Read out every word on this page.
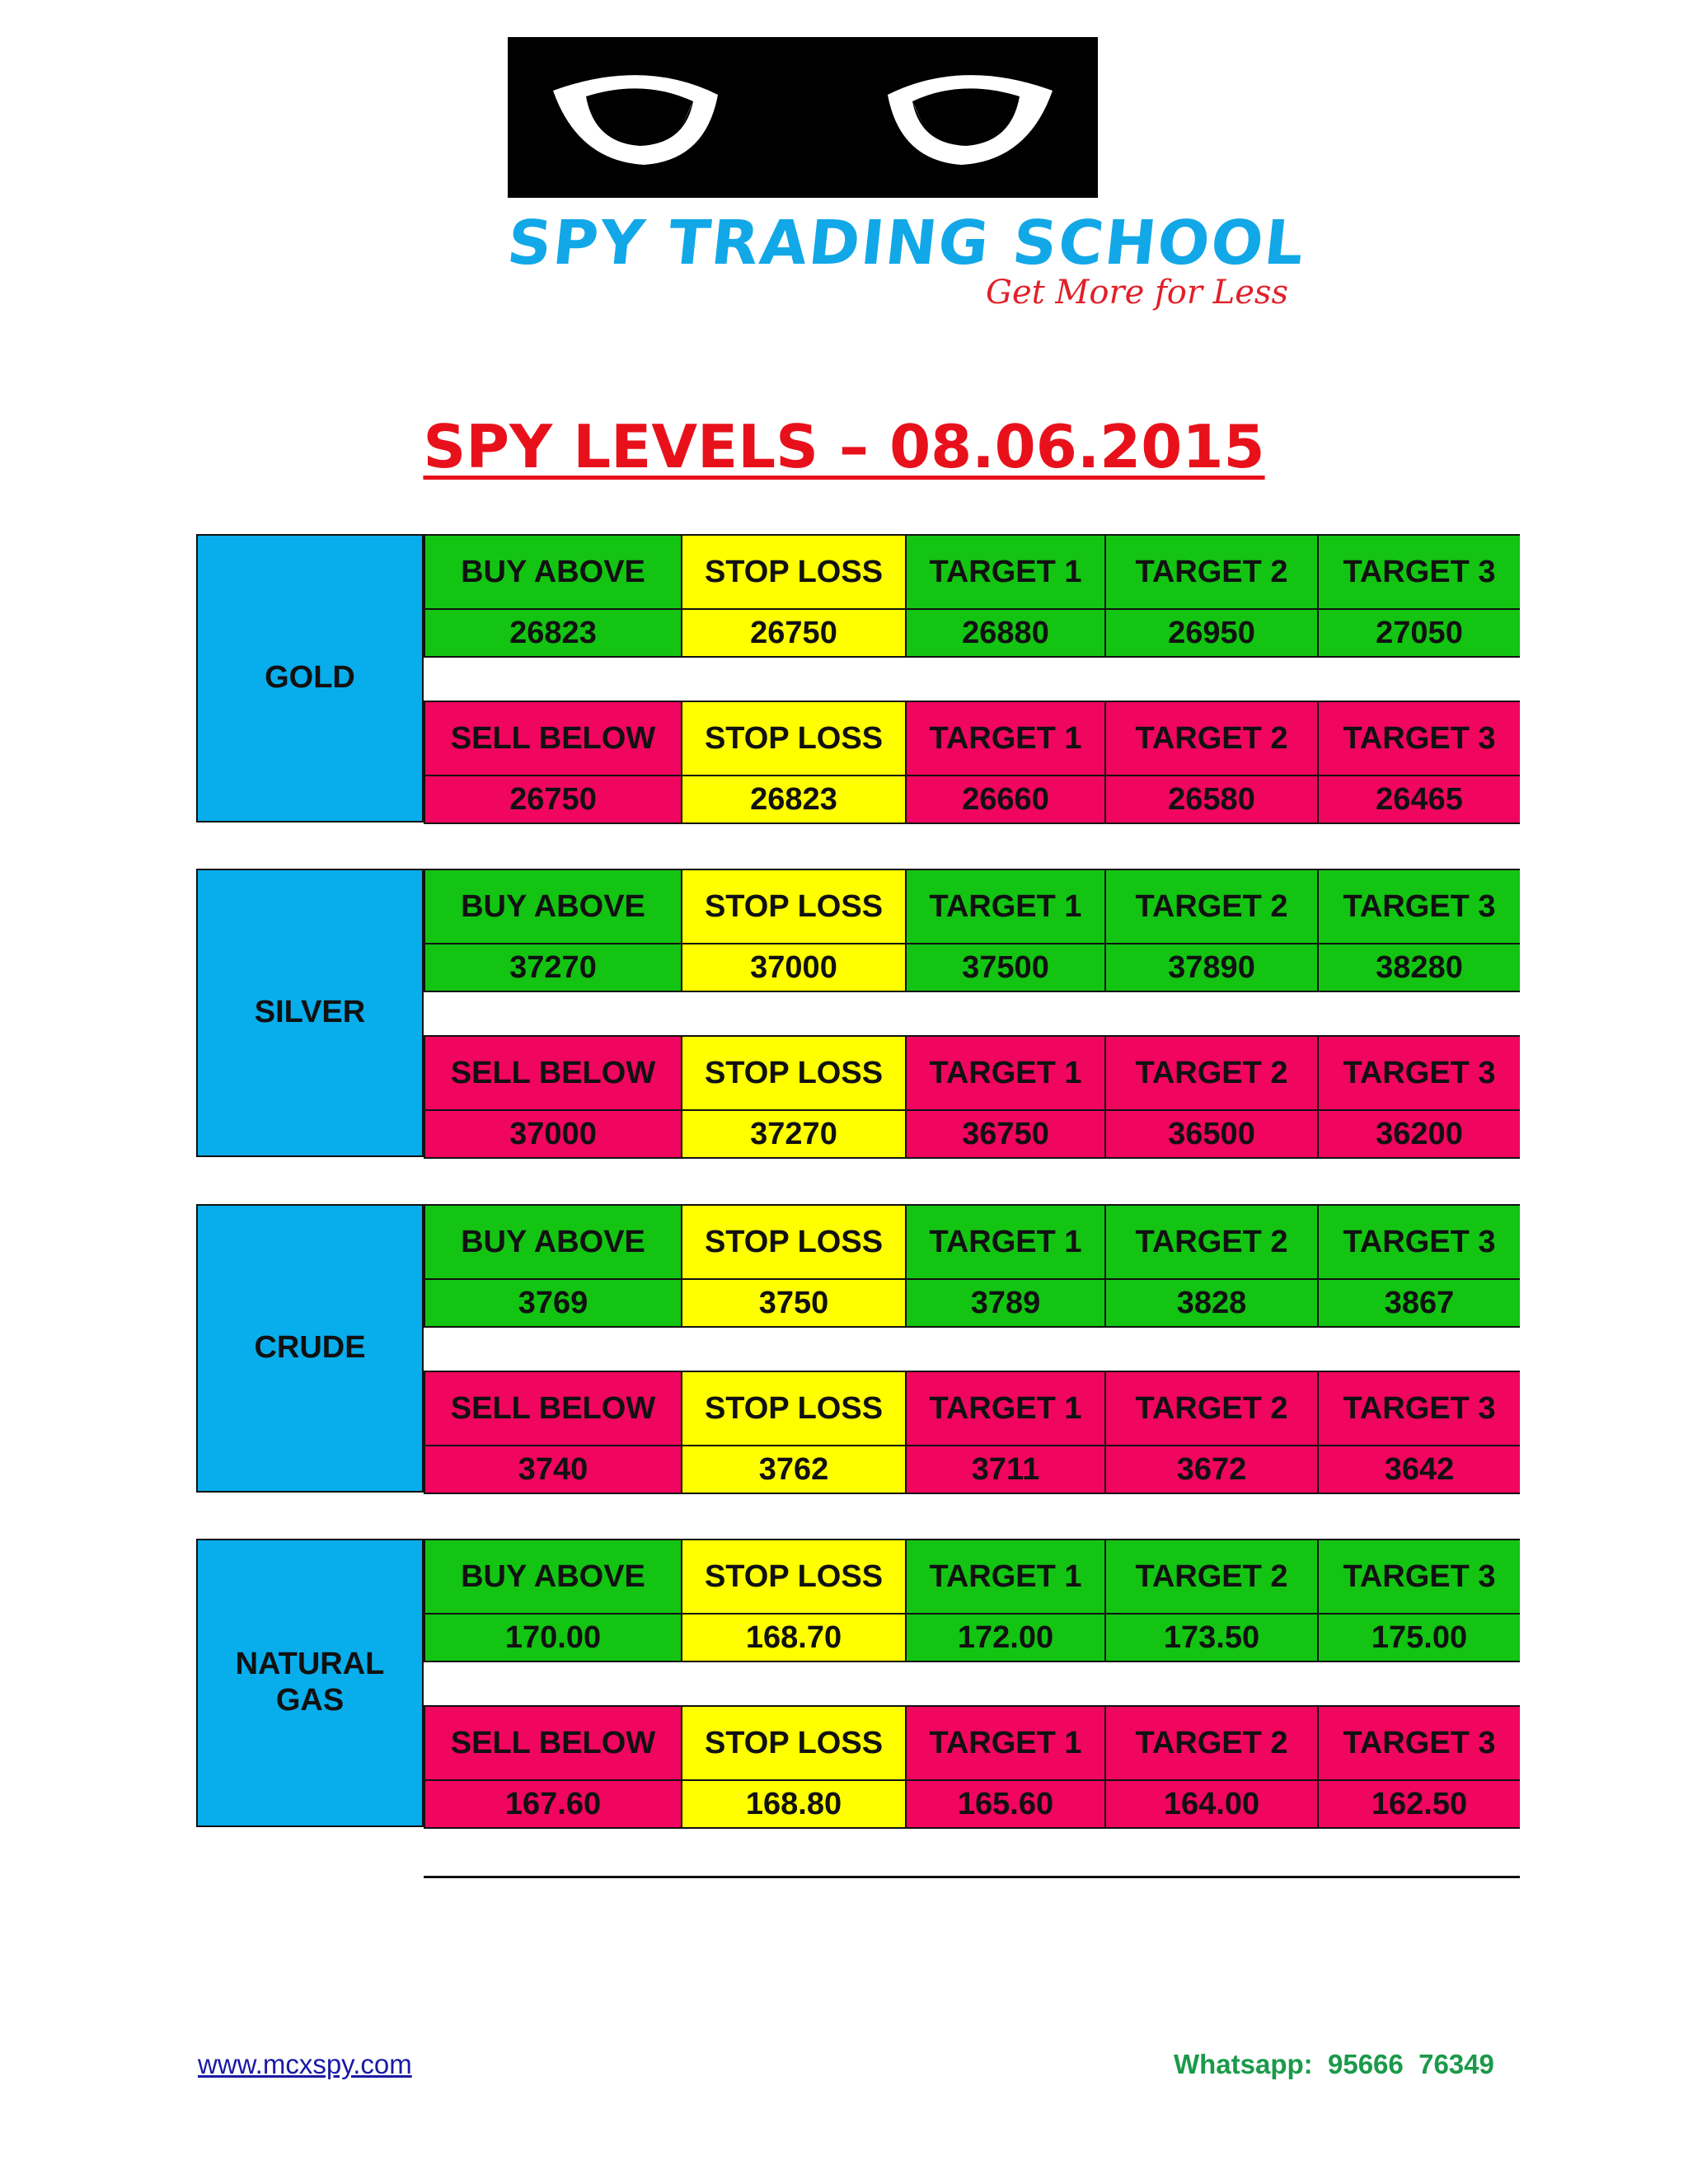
SPY TRADING SCHOOL
Get More for Less
SPY LEVELS – 08.06.2015
GOLD
BUY ABOVE	STOP LOSS	TARGET 1	TARGET 2	TARGET 3
26823	26750	26880	26950	27050
SELL BELOW	STOP LOSS	TARGET 1	TARGET 2	TARGET 3
26750	26823	26660	26580	26465
SILVER
BUY ABOVE	STOP LOSS	TARGET 1	TARGET 2	TARGET 3
37270	37000	37500	37890	38280
SELL BELOW	STOP LOSS	TARGET 1	TARGET 2	TARGET 3
37000	37270	36750	36500	36200
CRUDE
BUY ABOVE	STOP LOSS	TARGET 1	TARGET 2	TARGET 3
3769	3750	3789	3828	3867
SELL BELOW	STOP LOSS	TARGET 1	TARGET 2	TARGET 3
3740	3762	3711	3672	3642
NATURAL GAS
BUY ABOVE	STOP LOSS	TARGET 1	TARGET 2	TARGET 3
170.00	168.70	172.00	173.50	175.00
SELL BELOW	STOP LOSS	TARGET 1	TARGET 2	TARGET 3
167.60	168.80	165.60	164.00	162.50
www.mcxspy.com	Whatsapp:  95666  76349
